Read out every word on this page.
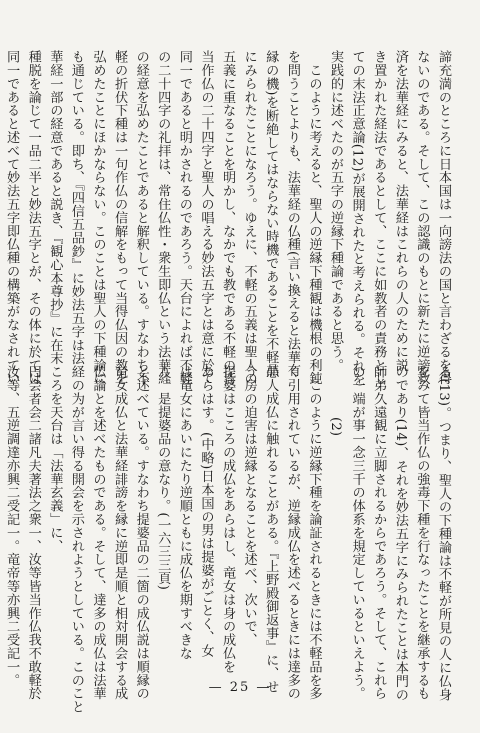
諦充満のところに日本国は一向謗法の国と言わざるを得
ないのである。そして、この認識のもとに新たに逆謗救
済を法華経にみると、法華経はこれらの人のために説
き置かれた経法であるとして、ここに如教者の責務とし
ての末法正意論(12)が展開されたと考えられる。それを
実践的に述べたのが五字の逆縁下種論であると思う。
　このように考えると、聖人の逆縁下種観は機根の利鈍
を問うことよりも、法華経の仏種(言い換えると法華有
縁の機)を断絶してはならない時機であることを不軽品
にみられたことになろう。ゆえに、不軽の五義は聖人の
五義に重なることを明かし、なかでも教である不軽の皆
当作仏の二十四字と聖人の唱える妙法五字とは意に於て
同一であると明かされるのであろう。天台によれば不軽
の二十四字の礼拝は、常住仏性・衆生即仏という法華経
の経意を弘めたことであると解釈している。すなわち不
軽の折伏下種は一句作仏の信解をもって当得仏因の教を
弘めたことにほかならない。このことは聖人の下種論に
も通じている。即ち、『四信五品鈔』に妙法五字は法
華経一部の経意であると説き、『観心本尊抄』に在末
種脱を論じて一品二半と妙法五字とが、その体に於ては
同一であると述べて妙法五字即仏種の構築がなされてい
る(13)。つまり、聖人の下種論は不軽が所見の人に仏身
をみて皆当作仏の強毒下種を行なったことを継承するも
のであり(14)、それを妙法五字にみられたことは本門の
師弟久遠観に立脚されるからであろう。そして、これら
の一端が事一念三千の体系を規定しているといえよう。
(2)
　このように逆縁下種を論証されるときには不軽品を多
く引用されているが、逆縁成仏を述べるときには達多の
悪人成仏に触れることがある。『上野殿御返事』に、せ
う房の迫害は逆縁となることを述べ、次いで、
提婆はこころの成仏をあらはし、竜女は身の成仏を
あらはす。(中略)日本国の男は提婆がごとく、女
は竜女にあいにたり逆順ともに成仏を期すべきな
り。是提婆品の意なり。(一六三三頁)
と述べている。すなわち提婆品の二箇の成仏説は順縁の
竜女成仏と法華経誹謗を縁に逆即是順と相対開会する成
仏論とを述べたものである。そして、達多の成仏は法華
経の为が言い得る開会を示されようとしている。このこと
ころを天台は「法華玄義」に、
円会者会二諸凡夫著法之衆一、汝等皆当作仏我不敢軽於
汝等、五逆調達亦興二受記一。竜帝等亦興二受記一。
— 25 —
